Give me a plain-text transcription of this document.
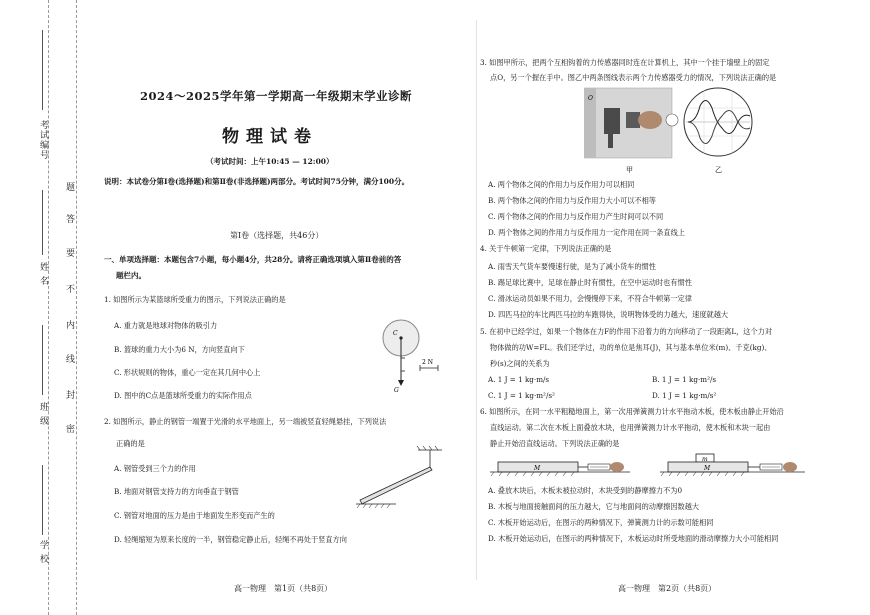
考试编号
姓 名
班 级
学 校
题
答
要
不
内
线
封
密
2024～2025学年第一学期高一年级期末学业诊断
物理试卷
（考试时间：上午10:45 — 12:00）
说明：本试卷分第Ⅰ卷(选择题)和第Ⅱ卷(非选择题)两部分。考试时间75分钟，满分100分。
第Ⅰ卷（选择题，共46分）
一、单项选择题：本题包含7小题，每小题4分，共28分。请将正确选项填入第Ⅱ卷前的答
题栏内。
1. 如图所示为某篮球所受重力的图示，下列说法正确的是
A. 重力就是地球对物体的吸引力
B. 篮球的重力大小为6 N，方向竖直向下
C. 形状规则的物体，重心一定在其几何中心上
D. 图中的C点是篮球所受重力的实际作用点
C
G
2 N
2. 如图所示，静止的钢管一端置于光滑的水平地面上，另一端被竖直轻绳悬挂，下列说法
正确的是
A. 钢管受到三个力的作用
B. 地面对钢管支持力的方向垂直于钢管
C. 钢管对地面的压力是由于地面发生形变而产生的
D. 轻绳缩短为原来长度的一半，钢管稳定静止后，轻绳不再处于竖直方向
高一物理　第1页（共8页）
3. 如图甲所示，把两个互相钩着的力传感器同时连在计算机上，其中一个挂于墙壁上的固定
点O，另一个握在手中。图乙中两条图线表示两个力传感器受力的情况，下列说法正确的是
O
甲	乙
A. 两个物体之间的作用力与反作用力可以相同
B. 两个物体之间的作用力与反作用力大小可以不相等
C. 两个物体之间的作用力与反作用力产生时间可以不同
D. 两个物体之间的作用力与反作用力一定作用在同一条直线上
4. 关于牛顿第一定律，下列说法正确的是
A. 雨雪天气货车要慢速行驶，是为了减小货车的惯性
B. 踢足球比赛中，足球在静止时有惯性，在空中运动时也有惯性
C. 滑冰运动员如果不用力，会慢慢停下来，不符合牛顿第一定律
D. 四匹马拉的车比两匹马拉的车跑得快，说明物体受的力越大，速度就越大
5. 在初中已经学过，如果一个物体在力F的作用下沿着力的方向移动了一段距离L，这个力对
物体做的功W=FL。我们还学过，功的单位是焦耳(J)，其与基本单位米(m)、千克(kg)、
秒(s)之间的关系为
A. 1 J = 1 kg·m/s	B. 1 J = 1 kg·m²/s
C. 1 J = 1 kg·m²/s²	D. 1 J = 1 kg·m/s²
6. 如图所示，在同一水平粗糙地面上，第一次用弹簧测力计水平拖动木板，使木板由静止开始沿
直线运动。第二次在木板上面叠放木块，也用弹簧测力计水平拖动，使木板和木块一起由
静止开始沿直线运动。下列说法正确的是
M
m
M
A. 叠放木块后，木板未被拉动时，木块受到的静摩擦力不为0
B. 木板与地面接触面间的压力越大，它与地面间的动摩擦因数越大
C. 木板开始运动后，在图示的两种情况下，弹簧测力计的示数可能相同
D. 木板开始运动后，在图示的两种情况下，木板运动时所受地面的滑动摩擦力大小可能相同
高一物理　第2页（共8页）
